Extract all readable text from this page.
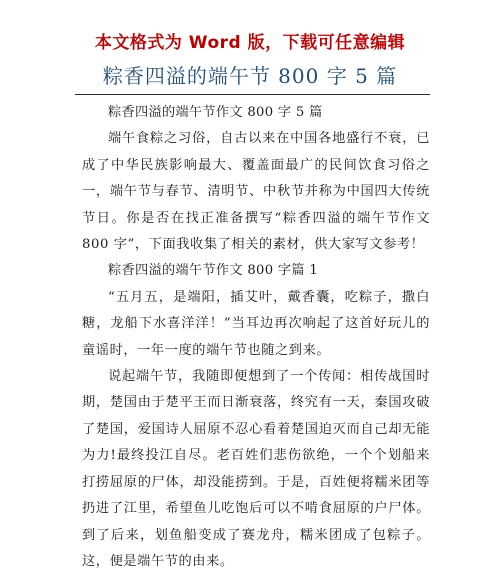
本文格式为 Word 版，下载可任意编辑
粽香四溢的端午节 800 字 5 篇

粽香四溢的端午节作文 800 字 5 篇

端午食粽之习俗，自古以来在中国各地盛行不衰，已成了中华民族影响最大、覆盖面最广的民间饮食习俗之一，端午节与春节、清明节、中秋节并称为中国四大传统节日。你是否在找正准备撰写“粽香四溢的端午节作文 800 字”，下面我收集了相关的素材，供大家写文参考！

粽香四溢的端午节作文 800 字篇 1

“五月五，是端阳，插艾叶，戴香囊，吃粽子，撒白糖，龙船下水喜洋洋！”当耳边再次响起了这首好玩儿的童谣时，一年一度的端午节也随之到来。

说起端午节，我随即便想到了一个传闻：相传战国时期，楚国由于楚平王而日渐衰落，终究有一天，秦国攻破了楚国，爱国诗人屈原不忍心看着楚国迫灭而自己却无能为力!最终投江自尽。老百姓们悲伤欲绝，一个个划船来打捞屈原的尸体，却没能捞到。于是，百姓便将糯米团等扔进了江里，希望鱼儿吃饱后可以不啃食屈原的户尸体。到了后来，划鱼船变成了赛龙舟，糯米团成了包粽子。这，便是端午节的由来。
